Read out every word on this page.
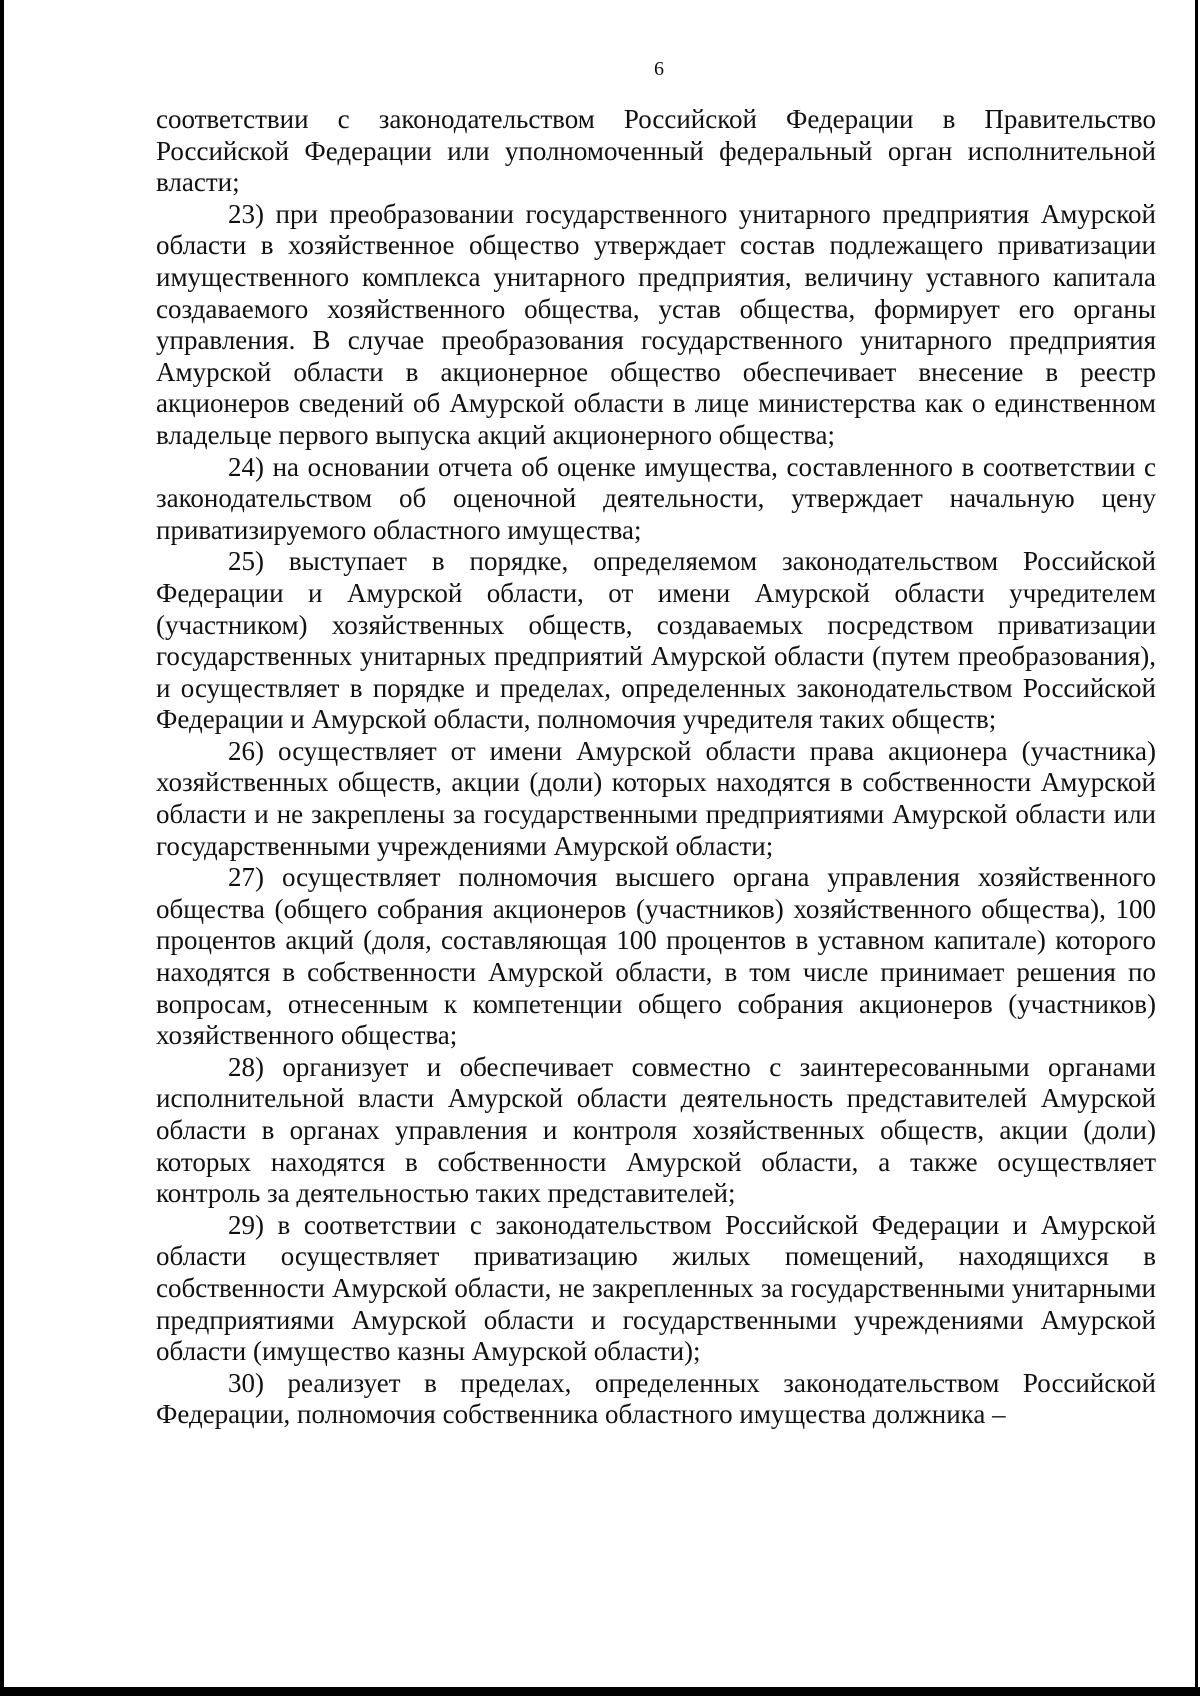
6

соответствии с законодательством Российской Федерации в Правительство Российской Федерации или уполномоченный федеральный орган исполнительной власти;

23) при преобразовании государственного унитарного предприятия Амурской области в хозяйственное общество утверждает состав подлежащего приватизации имущественного комплекса унитарного предприятия, величину уставного капитала создаваемого хозяйственного общества, устав общества, формирует его органы управления. В случае преобразования государственного унитарного предприятия Амурской области в акционерное общество обеспечивает внесение в реестр акционеров сведений об Амурской области в лице министерства как о единственном владельце первого выпуска акций акционерного общества;

24) на основании отчета об оценке имущества, составленного в соответствии с законодательством об оценочной деятельности, утверждает начальную цену приватизируемого областного имущества;

25) выступает в порядке, определяемом законодательством Российской Федерации и Амурской области, от имени Амурской области учредителем (участником) хозяйственных обществ, создаваемых посредством приватизации государственных унитарных предприятий Амурской области (путем преобразования), и осуществляет в порядке и пределах, определенных законодательством Российской Федерации и Амурской области, полномочия учредителя таких обществ;

26) осуществляет от имени Амурской области права акционера (участника) хозяйственных обществ, акции (доли) которых находятся в собственности Амурской области и не закреплены за государственными предприятиями Амурской области или государственными учреждениями Амурской области;

27) осуществляет полномочия высшего органа управления хозяйственного общества (общего собрания акционеров (участников) хозяйственного общества), 100 процентов акций (доля, составляющая 100 процентов в уставном капитале) которого находятся в собственности Амурской области, в том числе принимает решения по вопросам, отнесенным к компетенции общего собрания акционеров (участников) хозяйственного общества;

28) организует и обеспечивает совместно с заинтересованными органами исполнительной власти Амурской области деятельность представителей Амурской области в органах управления и контроля хозяйственных обществ, акции (доли) которых находятся в собственности Амурской области, а также осуществляет контроль за деятельностью таких представителей;

29) в соответствии с законодательством Российской Федерации и Амурской области осуществляет приватизацию жилых помещений, находящихся в собственности Амурской области, не закрепленных за государственными унитарными предприятиями Амурской области и государственными учреждениями Амурской области (имущество казны Амурской области);

30) реализует в пределах, определенных законодательством Российской Федерации, полномочия собственника областного имущества должника –
